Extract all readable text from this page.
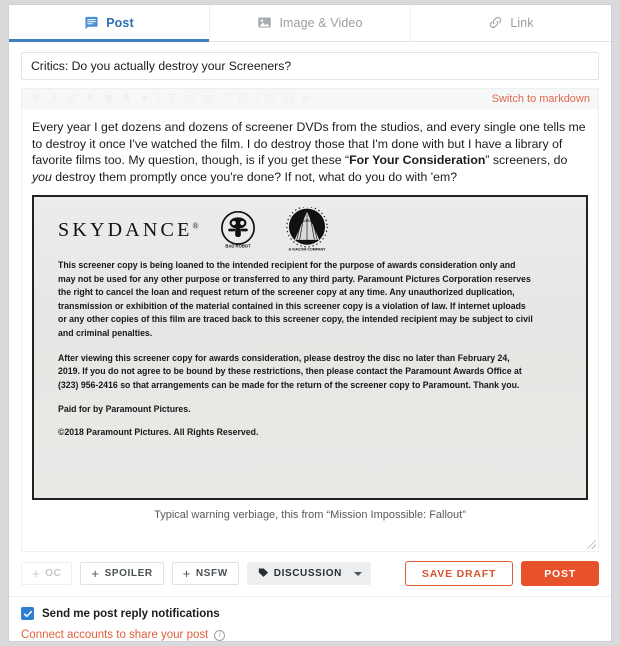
Post	Image & Video	Link
Critics: Do you actually destroy your Screeners?
B	I	S	ψ	A	●	T	“	Switch to markdown

Every year I get dozens and dozens of screener DVDs from the studios, and every single one tells me to destroy it once I've watched the film. I do destroy those that I'm done with but I have a library of favorite films too. My question, though, is if you get these “For Your Consideration” screeners, do you destroy them promptly once you're done? If not, what do you do with 'em?

SKYDANCE®
BAD ROBOT
Paramount
A VIACOM COMPANY

This screener copy is being loaned to the intended recipient for the purpose of awards consideration only and may not be used for any other purpose or transferred to any third party. Paramount Pictures Corporation reserves the right to cancel the loan and request return of the screener copy at any time. Any unauthorized duplication, transmission or exhibition of the material contained in this screener copy is a violation of law. If internet uploads or any other copies of this film are traced back to this screener copy, the intended recipient may be subject to civil and criminal penalties.

After viewing this screener copy for awards consideration, please destroy the disc no later than February 24, 2019. If you do not agree to be bound by these restrictions, then please contact the Paramount Awards Office at (323) 956-2416 so that arrangements can be made for the return of the screener copy to Paramount. Thank you.

Paid for by Paramount Pictures.

©2018 Paramount Pictures. All Rights Reserved.

Typical warning verbiage, this from “Mission Impossible: Fallout”
+ OC + SPOILER + NSFW	DISCUSSION	SAVE DRAFT	POST
Send me post reply notifications
Connect accounts to share your post	i
